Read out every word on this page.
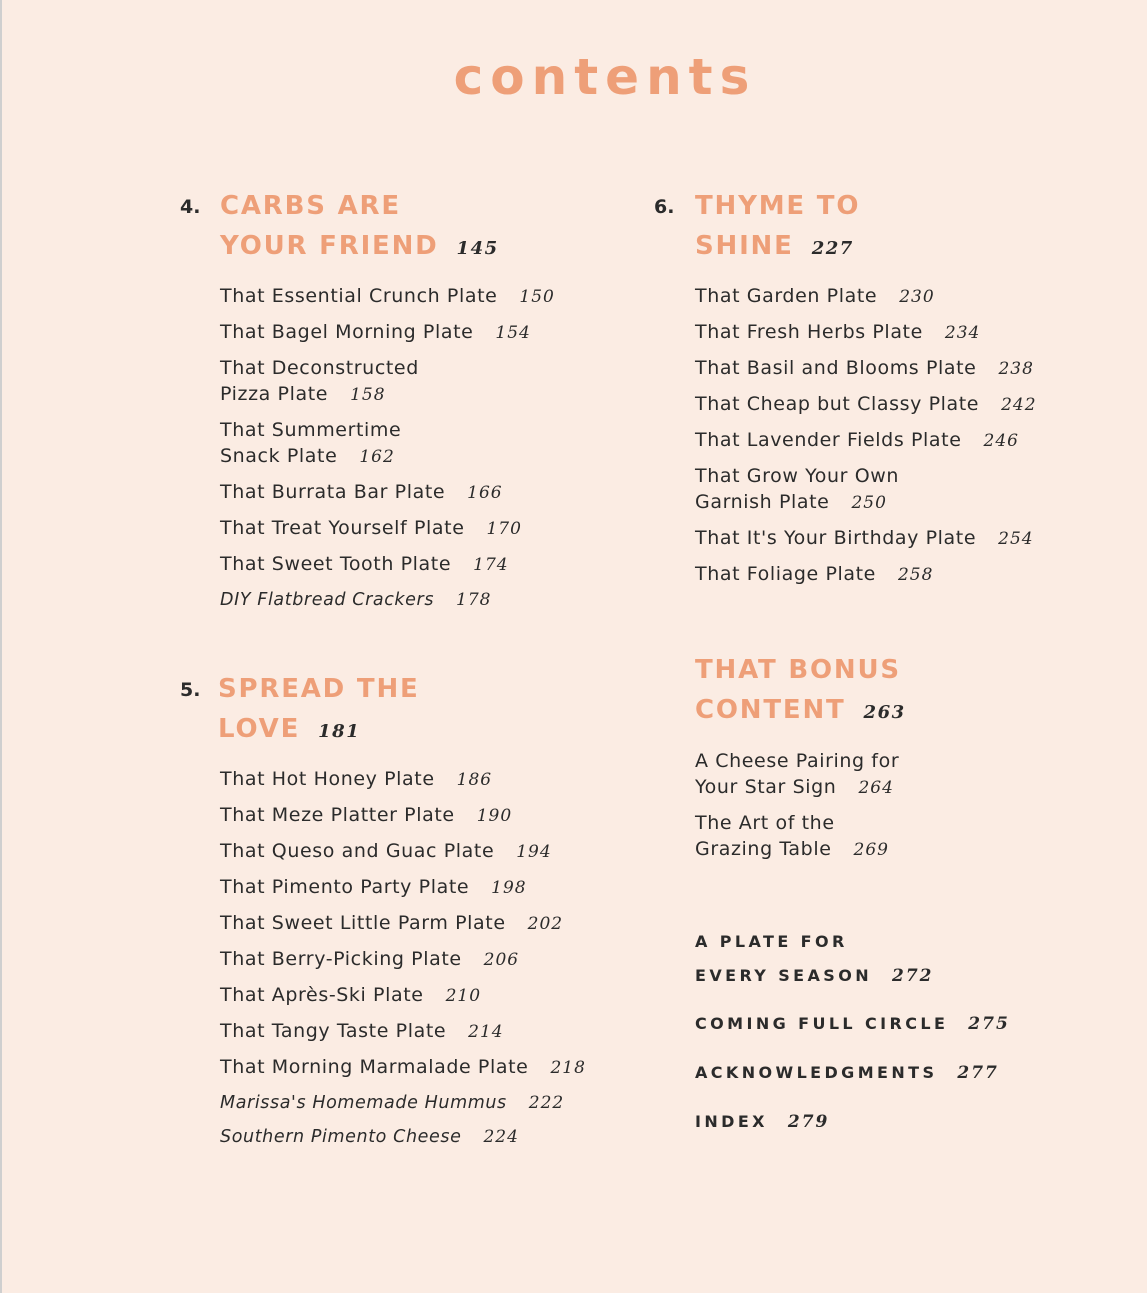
contents
4. CARBS ARE
YOUR FRIEND 145
That Essential Crunch Plate 150
That Bagel Morning Plate 154
That Deconstructed
Pizza Plate 158
That Summertime
Snack Plate 162
That Burrata Bar Plate 166
That Treat Yourself Plate 170
That Sweet Tooth Plate 174
DIY Flatbread Crackers 178
5. SPREAD THE
LOVE 181
That Hot Honey Plate 186
That Meze Platter Plate 190
That Queso and Guac Plate 194
That Pimento Party Plate 198
That Sweet Little Parm Plate 202
That Berry-Picking Plate 206
That Après-Ski Plate 210
That Tangy Taste Plate 214
That Morning Marmalade Plate 218
Marissa's Homemade Hummus 222
Southern Pimento Cheese 224
6. THYME TO
SHINE 227
That Garden Plate 230
That Fresh Herbs Plate 234
That Basil and Blooms Plate 238
That Cheap but Classy Plate 242
That Lavender Fields Plate 246
That Grow Your Own
Garnish Plate 250
That It's Your Birthday Plate 254
That Foliage Plate 258
THAT BONUS
CONTENT 263
A Cheese Pairing for
Your Star Sign 264
The Art of the
Grazing Table 269
A PLATE FOR
EVERY SEASON 272
COMING FULL CIRCLE 275
ACKNOWLEDGMENTS 277
INDEX 279
